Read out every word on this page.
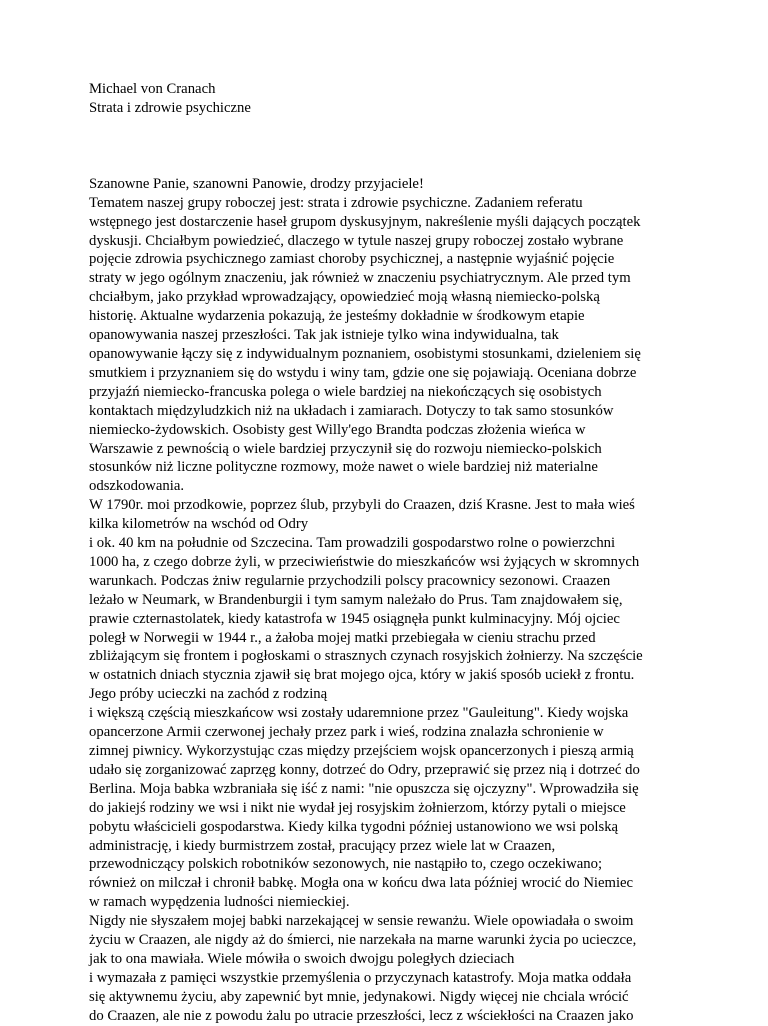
Michael von Cranach
Strata i zdrowie psychiczne
Szanowne Panie, szanowni Panowie, drodzy przyjaciele!
Tematem naszej grupy roboczej jest: strata i zdrowie psychiczne. Zadaniem referatu
wstępnego jest dostarczenie haseł grupom dyskusyjnym, nakreślenie myśli dających początek
dyskusji. Chciałbym powiedzieć, dlaczego w tytule naszej grupy roboczej zostało wybrane
pojęcie zdrowia psychicznego zamiast choroby psychicznej, a następnie wyjaśnić pojęcie
straty w jego ogólnym znaczeniu, jak również w znaczeniu psychiatrycznym. Ale przed tym
chciałbym, jako przykład wprowadzający, opowiedzieć moją własną niemiecko-polską
historię. Aktualne wydarzenia pokazują, że jesteśmy dokładnie w środkowym etapie
opanowywania naszej przeszłości. Tak jak istnieje tylko wina indywidualna, tak
opanowywanie łączy się z indywidualnym poznaniem, osobistymi stosunkami, dzieleniem się
smutkiem i przyznaniem się do wstydu i winy tam, gdzie one się pojawiają. Oceniana dobrze
przyjaźń niemiecko-francuska polega o wiele bardziej na niekończących się osobistych
kontaktach międzyludzkich niż na układach i zamiarach. Dotyczy to tak samo stosunków
niemiecko-żydowskich. Osobisty gest Willy'ego Brandta podczas złożenia wieńca w
Warszawie z pewnością o wiele bardziej przyczynił się do rozwoju niemiecko-polskich
stosunków niż liczne polityczne rozmowy, może nawet o wiele bardziej niż materialne
odszkodowania.
W 1790r. moi przodkowie, poprzez ślub, przybyli do Craazen, dziś Krasne. Jest to mała wieś
kilka kilometrów na wschód od Odry
i ok. 40 km na południe od Szczecina. Tam prowadzili gospodarstwo rolne o powierzchni
1000 ha, z czego dobrze żyli, w przeciwieństwie do mieszkańców wsi żyjących w skromnych
warunkach. Podczas żniw regularnie przychodzili polscy pracownicy sezonowi. Craazen
leżało w Neumark, w Brandenburgii i tym samym należało do Prus. Tam znajdowałem się,
prawie czternastolatek, kiedy katastrofa w 1945 osiągnęła punkt kulminacyjny. Mój ojciec
poległ w Norwegii w 1944 r., a żałoba mojej matki przebiegała w cieniu strachu przed
zbliżającym się frontem i pogłoskami o strasznych czynach rosyjskich żołnierzy. Na szczęście
w ostatnich dniach stycznia zjawił się brat mojego ojca, który w jakiś sposób uciekł z frontu.
Jego próby ucieczki na zachód z rodziną
i większą częścią mieszkańcow wsi zostały udaremnione przez "Gauleitung". Kiedy wojska
opancerzone Armii czerwonej jechały przez park i wieś, rodzina znalazła schronienie w
zimnej piwnicy. Wykorzystując czas między przejściem wojsk opancerzonych i pieszą armią
udało się zorganizować zaprzęg konny, dotrzeć do Odry, przeprawić się przez nią i dotrzeć do
Berlina. Moja babka wzbraniała się iść z nami: "nie opuszcza się ojczyzny". Wprowadziła się
do jakiejś rodziny we wsi i nikt nie wydał jej rosyjskim żołnierzom, którzy pytali o miejsce
pobytu właścicieli gospodarstwa. Kiedy kilka tygodni później ustanowiono we wsi polską
administrację, i kiedy burmistrzem został, pracujący przez wiele lat w Craazen,
przewodniczący polskich robotników sezonowych, nie nastąpiło to, czego oczekiwano;
również on milczał i chronił babkę. Mogła ona w końcu dwa lata później wrocić do Niemiec
w ramach wypędzenia ludności niemieckiej.
Nigdy nie słyszałem mojej babki narzekającej w sensie rewanżu. Wiele opowiadała o swoim
życiu w Craazen, ale nigdy aż do śmierci, nie narzekała na marne warunki życia po ucieczce,
jak to ona mawiała. Wiele mówiła o swoich dwojgu poległych dzieciach
i wymazała z pamięci wszystkie przemyślenia o przyczynach katastrofy. Moja matka oddała
się aktywnemu życiu, aby zapewnić byt mnie, jedynakowi. Nigdy więcej nie chciala wrócić
do Craazen, ale nie z powodu żalu po utracie przeszłości, lecz z wściekłości na Craazen jako
